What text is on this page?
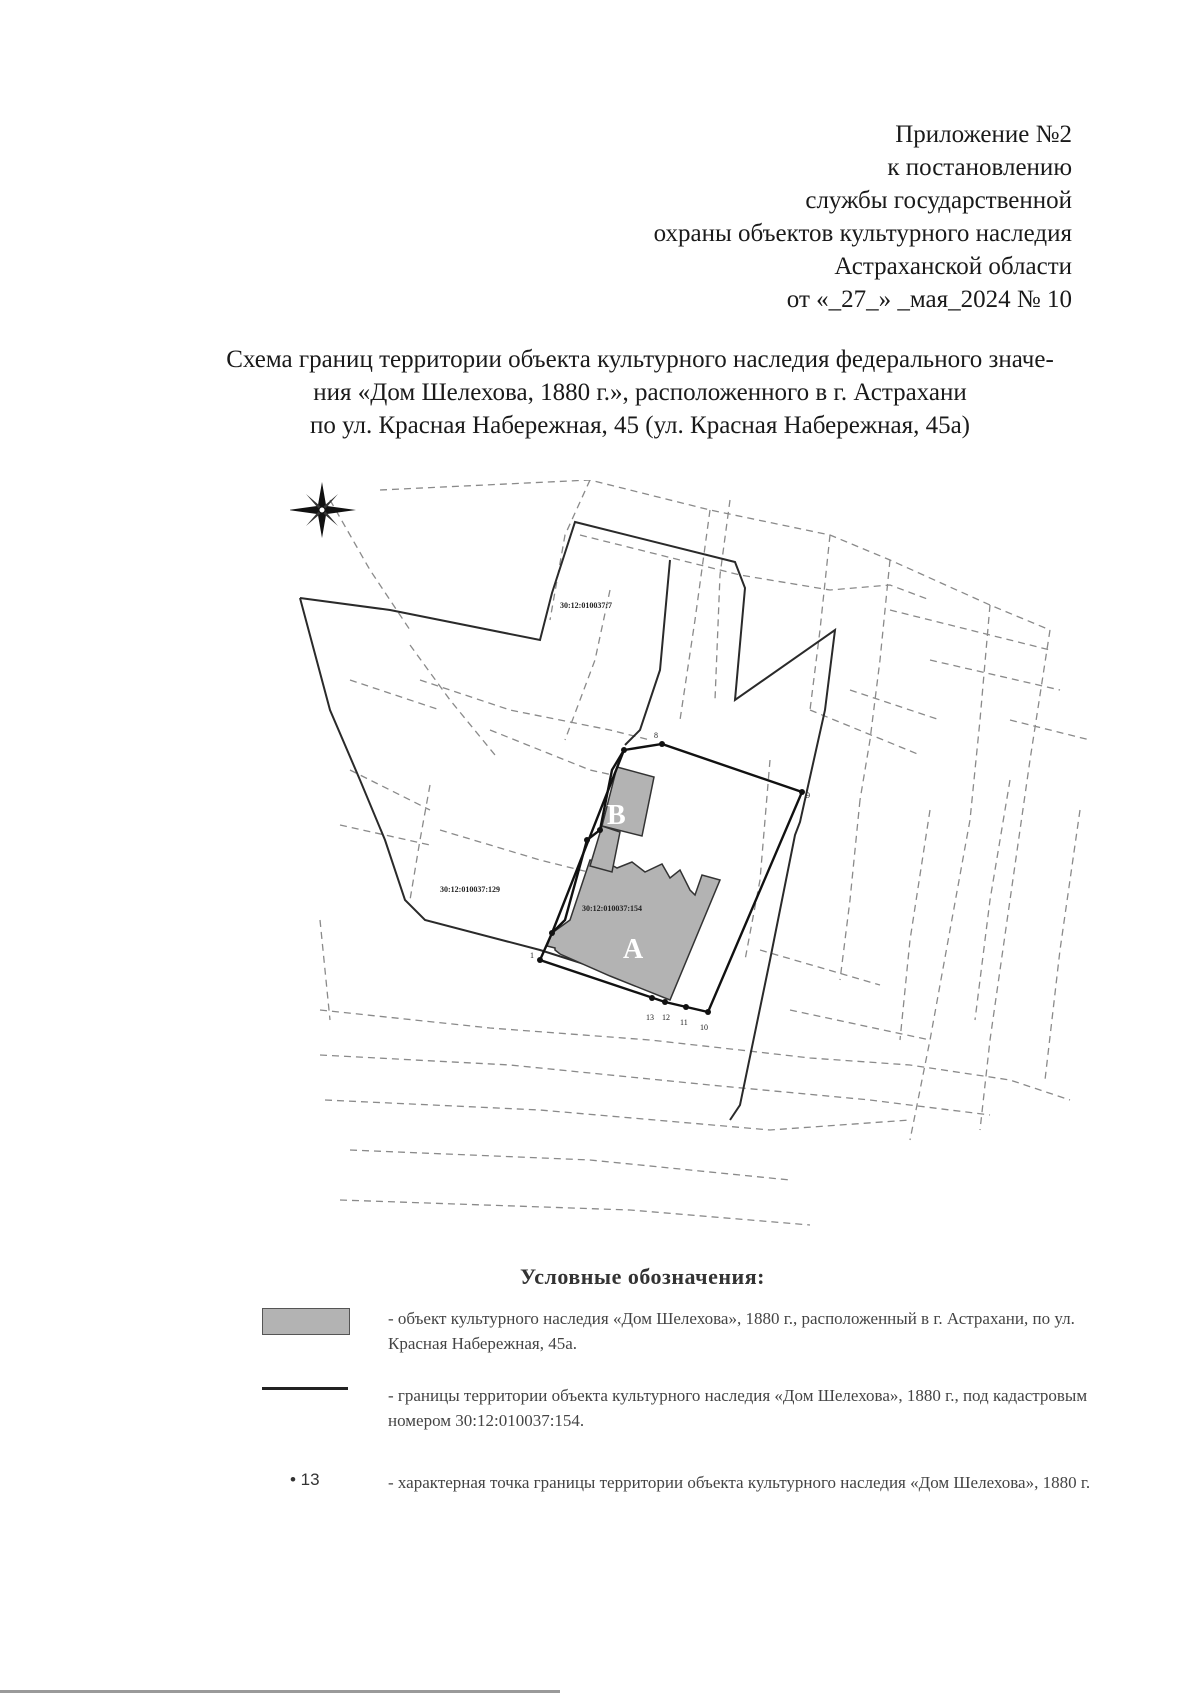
Приложение №2
к постановлению
службы государственной
охраны объектов культурного наследия
Астраханской области
от «_27_» _мая_2024 № 10
Схема границ территории объекта культурного наследия федерального значе-
ния «Дом Шелехова, 1880 г.», расположенного в г. Астрахани
по ул. Красная Набережная, 45 (ул. Красная Набережная, 45а)
30:12:010037:7
30:12:010037:129
30:12:010037:154
B
A
1
8
9
10
11
12
13
Условные обозначения:
- объект культурного наследия «Дом Шелехова», 1880 г., расположенный в г. Астрахани, по ул. Красная Набережная, 45а.
- границы территории объекта культурного наследия «Дом Шелехова», 1880 г., под кадастровым номером 30:12:010037:154.
• 13	- характерная точка границы территории объекта культурного наследия «Дом Шелехова», 1880 г.
